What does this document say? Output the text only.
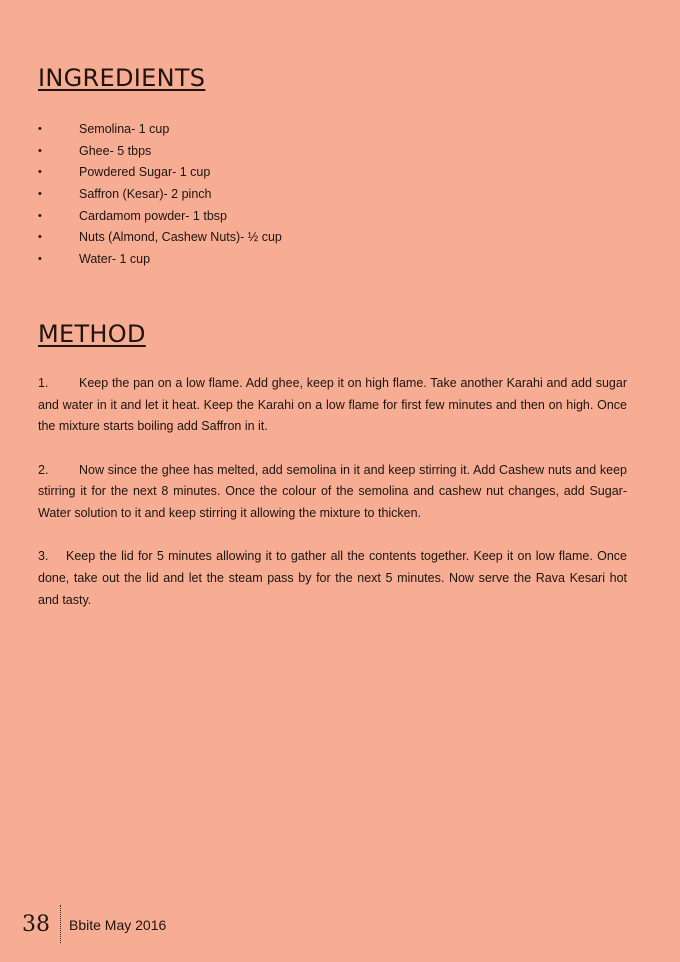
INGREDIENTS
•	Semolina- 1 cup
•	Ghee- 5 tbps
•	Powdered Sugar- 1 cup
•	Saffron (Kesar)- 2 pinch
•	Cardamom powder- 1 tbsp
•	Nuts (Almond, Cashew Nuts)- ½ cup
•	Water- 1 cup
METHOD

1. Keep the pan on a low flame. Add ghee, keep it on high flame. Take another Karahi and add sugar and water in it and let it heat. Keep the Karahi on a low flame for first few minutes and then on high. Once the mixture starts boiling add Saffron in it.

2. Now since the ghee has melted, add semolina in it and keep stirring it. Add Cashew nuts and keep stirring it for the next 8 minutes. Once the colour of the semolina and cashew nut changes, add Sugar-Water solution to it and keep stirring it allowing the mixture to thicken.

3. Keep the lid for 5 minutes allowing it to gather all the contents together. Keep it on low flame. Once done, take out the lid and let the steam pass by for the next 5 minutes. Now serve the Rava Kesari hot and tasty.

38 Bbite May 2016
